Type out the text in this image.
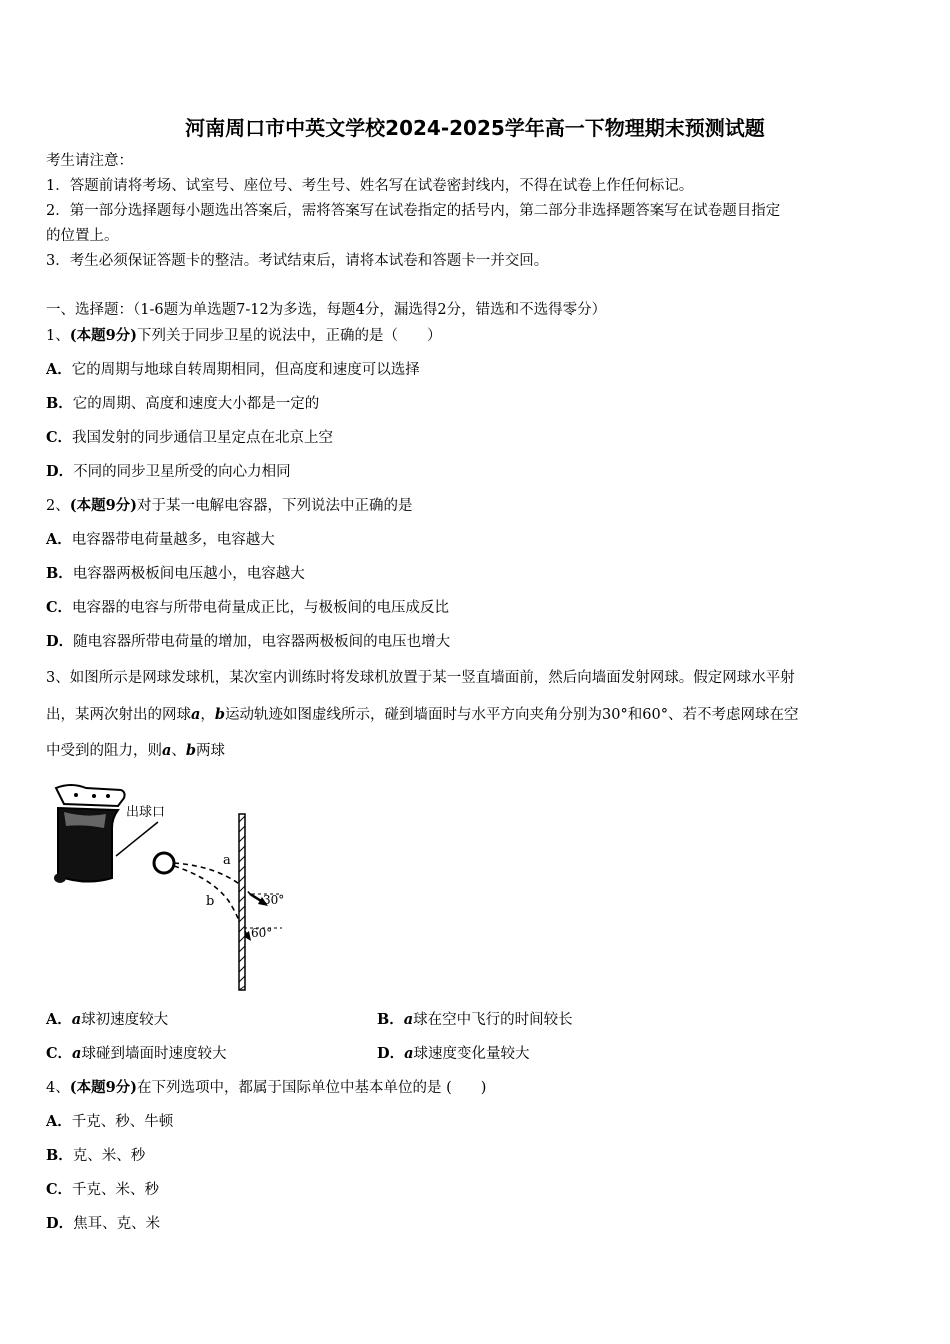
河南周口市中英文学校2024-2025学年高一下物理期末预测试题
考生请注意：
1．答题前请将考场、试室号、座位号、考生号、姓名写在试卷密封线内，不得在试卷上作任何标记。
2．第一部分选择题每小题选出答案后，需将答案写在试卷指定的括号内，第二部分非选择题答案写在试卷题目指定
的位置上。
3．考生必须保证答题卡的整洁。考试结束后，请将本试卷和答题卡一并交回。
一、选择题：（1-6题为单选题7-12为多选，每题4分，漏选得2分，错选和不选得零分）
1、(本题9分)下列关于同步卫星的说法中，正确的是（　　）
A．它的周期与地球自转周期相同，但高度和速度可以选择
B．它的周期、高度和速度大小都是一定的
C．我国发射的同步通信卫星定点在北京上空
D．不同的同步卫星所受的向心力相同
2、(本题9分)对于某一电解电容器，下列说法中正确的是
A．电容器带电荷量越多，电容越大
B．电容器两极板间电压越小，电容越大
C．电容器的电容与所带电荷量成正比，与极板间的电压成反比
D．随电容器所带电荷量的增加，电容器两极板间的电压也增大
3、如图所示是网球发球机，某次室内训练时将发球机放置于某一竖直墙面前，然后向墙面发射网球。假定网球水平射
出，某两次射出的网球a，b运动轨迹如图虚线所示，碰到墙面时与水平方向夹角分别为30°和60°、若不考虑网球在空
中受到的阻力，则a、b两球
出球口
a
b	30°
60°
A．a球初速度较大	B．a球在空中飞行的时间较长
C．a球碰到墙面时速度较大	D．a球速度变化量较大
4、(本题9分)在下列选项中，都属于国际单位中基本单位的是 (　　)
A．千克、秒、牛顿
B．克、米、秒
C．千克、米、秒
D．焦耳、克、米
